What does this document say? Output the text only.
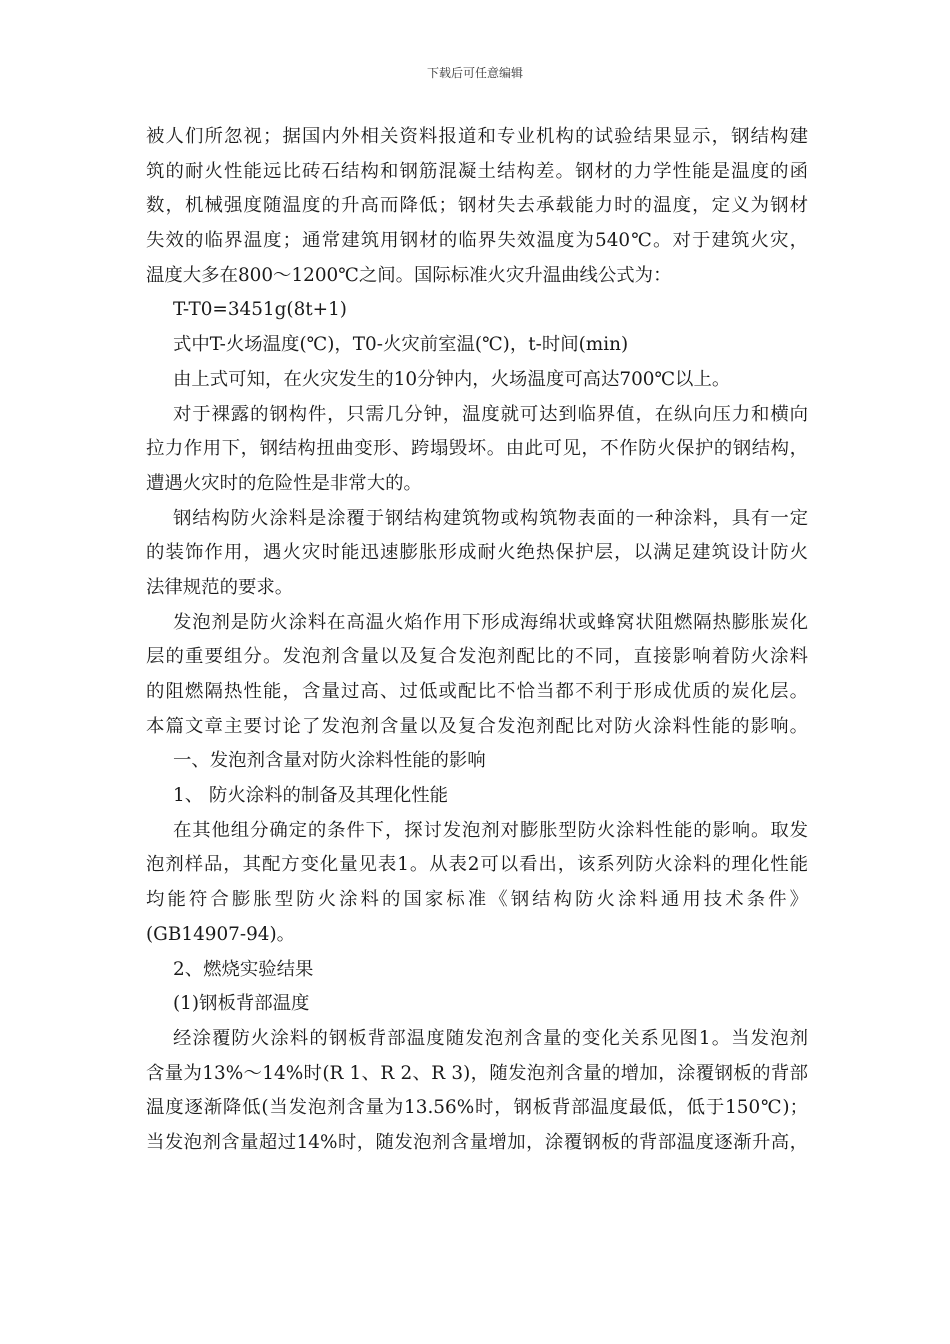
下载后可任意编辑
被人们所忽视；据国内外相关资料报道和专业机构的试验结果显示，钢结构建
筑的耐火性能远比砖石结构和钢筋混凝土结构差。钢材的力学性能是温度的函
数，机械强度随温度的升高而降低；钢材失去承载能力时的温度，定义为钢材
失效的临界温度；通常建筑用钢材的临界失效温度为540℃。对于建筑火灾，
温度大多在800～1200℃之间。国际标准火灾升温曲线公式为：
T-T0=3451g(8t+1)
式中T-火场温度(℃)，T0-火灾前室温(℃)，t-时间(min)
由上式可知，在火灾发生的10分钟内，火场温度可高达700℃以上。
对于裸露的钢构件，只需几分钟，温度就可达到临界值，在纵向压力和横向
拉力作用下，钢结构扭曲变形、跨塌毁坏。由此可见，不作防火保护的钢结构，
遭遇火灾时的危险性是非常大的。
钢结构防火涂料是涂覆于钢结构建筑物或构筑物表面的一种涂料，具有一定
的装饰作用，遇火灾时能迅速膨胀形成耐火绝热保护层，以满足建筑设计防火
法律规范的要求。
发泡剂是防火涂料在高温火焰作用下形成海绵状或蜂窝状阻燃隔热膨胀炭化
层的重要组分。发泡剂含量以及复合发泡剂配比的不同，直接影响着防火涂料
的阻燃隔热性能，含量过高、过低或配比不恰当都不利于形成优质的炭化层。
本篇文章主要讨论了发泡剂含量以及复合发泡剂配比对防火涂料性能的影响。
一、发泡剂含量对防火涂料性能的影响
1、 防火涂料的制备及其理化性能
在其他组分确定的条件下，探讨发泡剂对膨胀型防火涂料性能的影响。取发
泡剂样品，其配方变化量见表1。从表2可以看出，该系列防火涂料的理化性能
均能符合膨胀型防火涂料的国家标准《钢结构防火涂料通用技术条件》
(GB14907-94)。
2、燃烧实验结果
(1)钢板背部温度
经涂覆防火涂料的钢板背部温度随发泡剂含量的变化关系见图1。当发泡剂
含量为13%～14%时(R 1、R 2、R 3)，随发泡剂含量的增加，涂覆钢板的背部
温度逐渐降低(当发泡剂含量为13.56%时，钢板背部温度最低，低于150℃)；
当发泡剂含量超过14%时，随发泡剂含量增加，涂覆钢板的背部温度逐渐升高，
